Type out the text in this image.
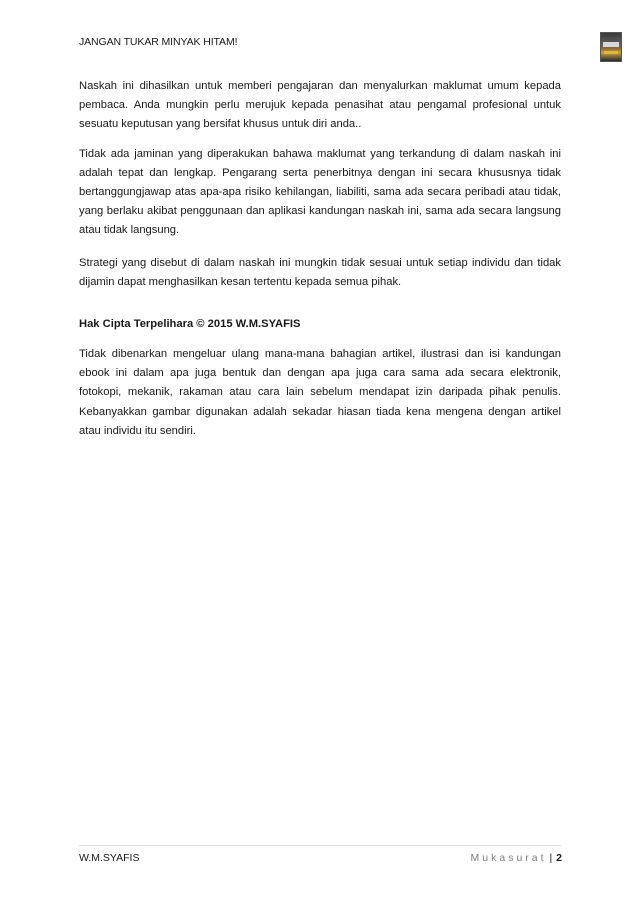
JANGAN TUKAR MINYAK HITAM!

Naskah ini dihasilkan untuk memberi pengajaran dan menyalurkan maklumat umum kepada pembaca. Anda mungkin perlu merujuk kepada penasihat atau pengamal profesional untuk sesuatu keputusan yang bersifat khusus untuk diri anda..

Tidak ada jaminan yang diperakukan bahawa maklumat yang terkandung di dalam naskah ini adalah tepat dan lengkap. Pengarang serta penerbitnya dengan ini secara khususnya tidak bertanggungjawap atas apa-apa risiko kehilangan, liabiliti, sama ada secara peribadi atau tidak, yang berlaku akibat penggunaan dan aplikasi kandungan naskah ini, sama ada secara langsung atau tidak langsung.

Strategi yang disebut di dalam naskah ini mungkin tidak sesuai untuk setiap individu dan tidak dijamin dapat menghasilkan kesan tertentu kepada semua pihak.

Hak Cipta Terpelihara © 2015 W.M.SYAFIS

Tidak dibenarkan mengeluar ulang mana-mana bahagian artikel, ilustrasi dan isi kandungan ebook ini dalam apa juga bentuk dan dengan apa juga cara sama ada secara elektronik, fotokopi, mekanik, rakaman atau cara lain sebelum mendapat izin daripada pihak penulis. Kebanyakkan gambar digunakan adalah sekadar hiasan tiada kena mengena dengan artikel atau individu itu sendiri.

W.M.SYAFIS	Mukasurat | 2
